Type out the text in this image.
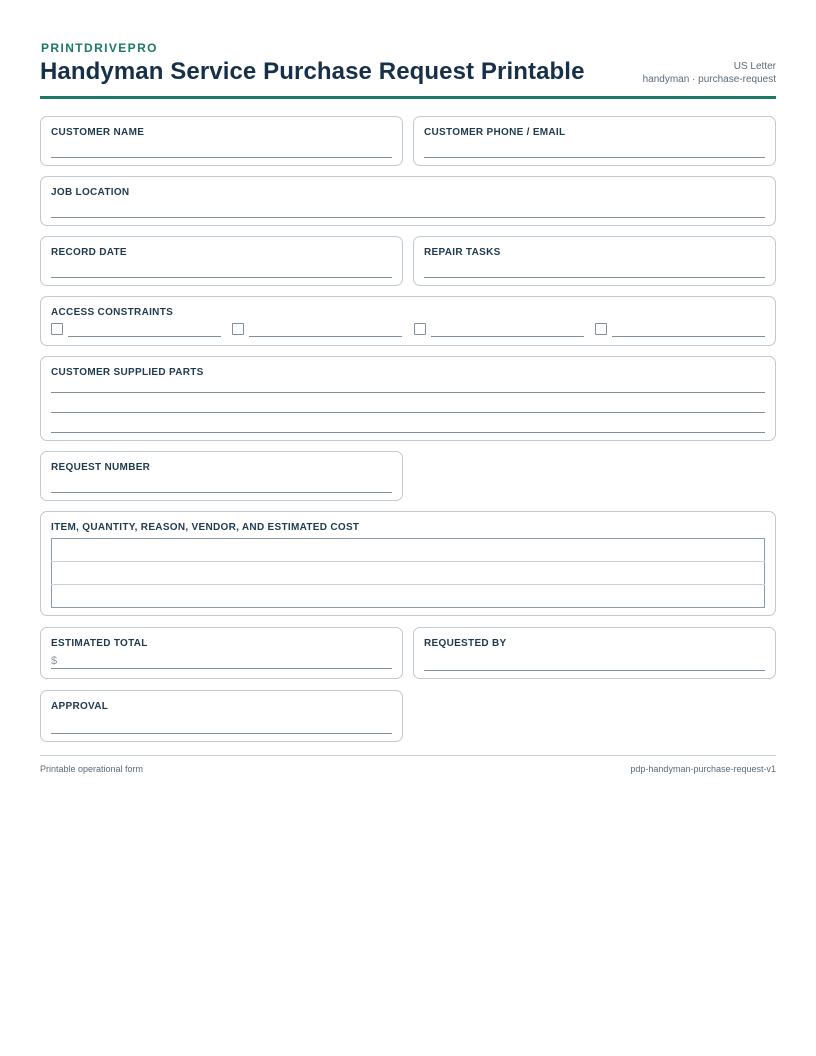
PRINTDRIVEPRO
Handyman Service Purchase Request Printable	US Letter
handyman · purchase-request
CUSTOMER NAME	CUSTOMER PHONE / EMAIL
JOB LOCATION
RECORD DATE	REPAIR TASKS
ACCESS CONSTRAINTS
CUSTOMER SUPPLIED PARTS
REQUEST NUMBER
ITEM, QUANTITY, REASON, VENDOR, AND ESTIMATED COST

ESTIMATED TOTAL
$
REQUESTED BY
APPROVAL
Printable operational form	pdp-handyman-purchase-request-v1
